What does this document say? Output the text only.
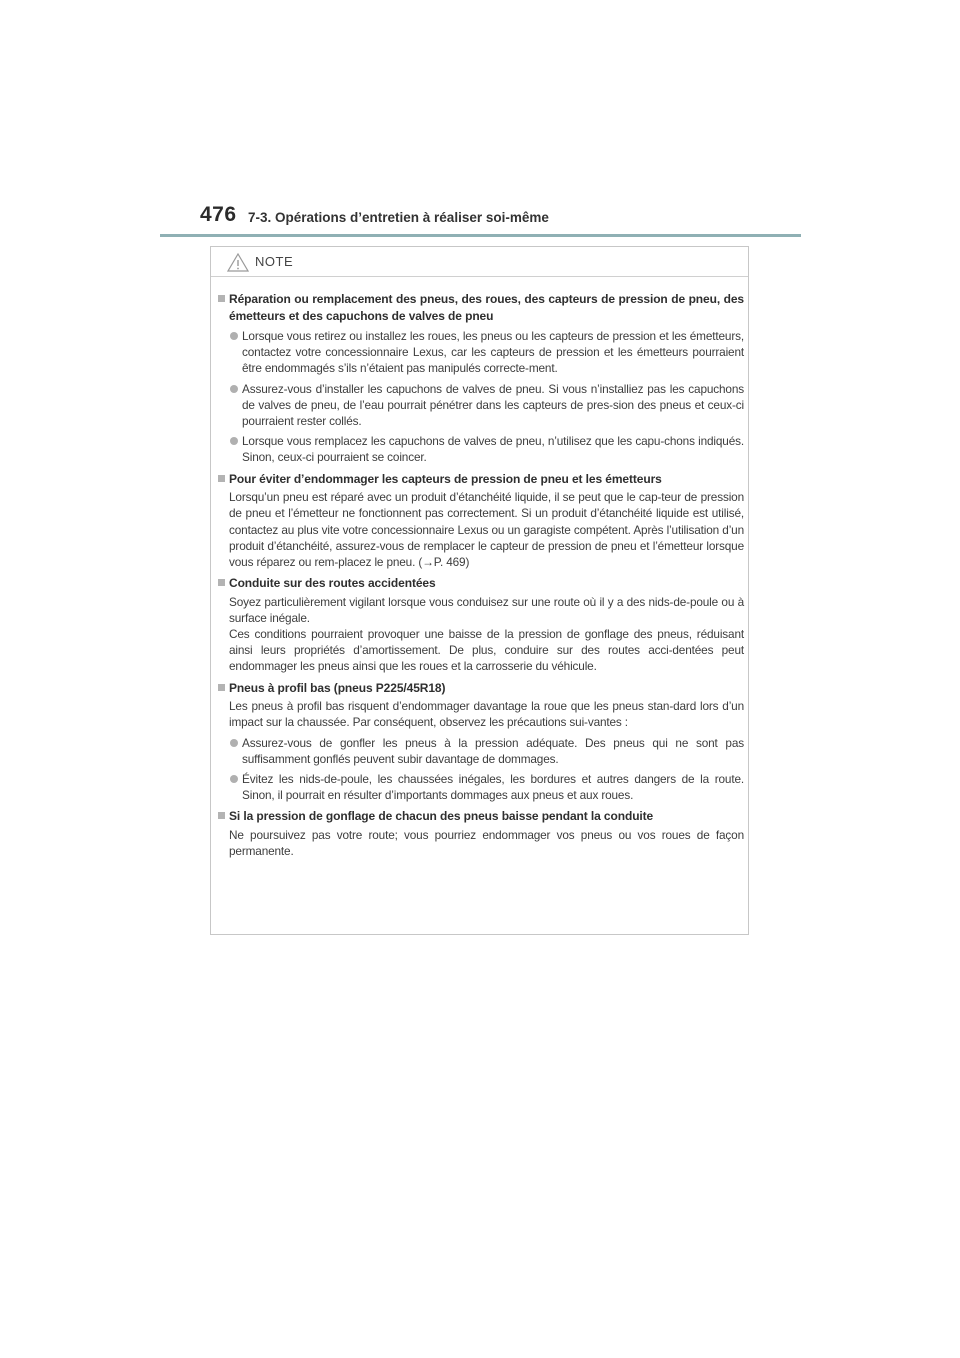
476 7-3. Opérations d’entretien à réaliser soi-même
NOTE
Réparation ou remplacement des pneus, des roues, des capteurs de pression de pneu, des émetteurs et des capuchons de valves de pneu
Lorsque vous retirez ou installez les roues, les pneus ou les capteurs de pression et les émetteurs, contactez votre concessionnaire Lexus, car les capteurs de pression et les émetteurs pourraient être endommagés s’ils n’étaient pas manipulés correcte-ment.
Assurez-vous d’installer les capuchons de valves de pneu. Si vous n’installiez pas les capuchons de valves de pneu, de l’eau pourrait pénétrer dans les capteurs de pres-sion des pneus et ceux-ci pourraient rester collés.
Lorsque vous remplacez les capuchons de valves de pneu, n’utilisez que les capu-chons indiqués. Sinon, ceux-ci pourraient se coincer.
Pour éviter d’endommager les capteurs de pression de pneu et les émetteurs
Lorsqu’un pneu est réparé avec un produit d’étanchéité liquide, il se peut que le cap-teur de pression de pneu et l’émetteur ne fonctionnent pas correctement. Si un produit d’étanchéité liquide est utilisé, contactez au plus vite votre concessionnaire Lexus ou un garagiste compétent. Après l’utilisation d’un produit d’étanchéité, assurez-vous de remplacer le capteur de pression de pneu et l’émetteur lorsque vous réparez ou rem-placez le pneu. (→P. 469)
Conduite sur des routes accidentées
Soyez particulièrement vigilant lorsque vous conduisez sur une route où il y a des nids-de-poule ou à surface inégale.
Ces conditions pourraient provoquer une baisse de la pression de gonflage des pneus, réduisant ainsi leurs propriétés d’amortissement. De plus, conduire sur des routes acci-dentées peut endommager les pneus ainsi que les roues et la carrosserie du véhicule.
Pneus à profil bas (pneus P225/45R18)
Les pneus à profil bas risquent d’endommager davantage la roue que les pneus stan-dard lors d’un impact sur la chaussée. Par conséquent, observez les précautions sui-vantes :
Assurez-vous de gonfler les pneus à la pression adéquate. Des pneus qui ne sont pas suffisamment gonflés peuvent subir davantage de dommages.
Évitez les nids-de-poule, les chaussées inégales, les bordures et autres dangers de la route. Sinon, il pourrait en résulter d’importants dommages aux pneus et aux roues.
Si la pression de gonflage de chacun des pneus baisse pendant la conduite
Ne poursuivez pas votre route; vous pourriez endommager vos pneus ou vos roues de façon permanente.
